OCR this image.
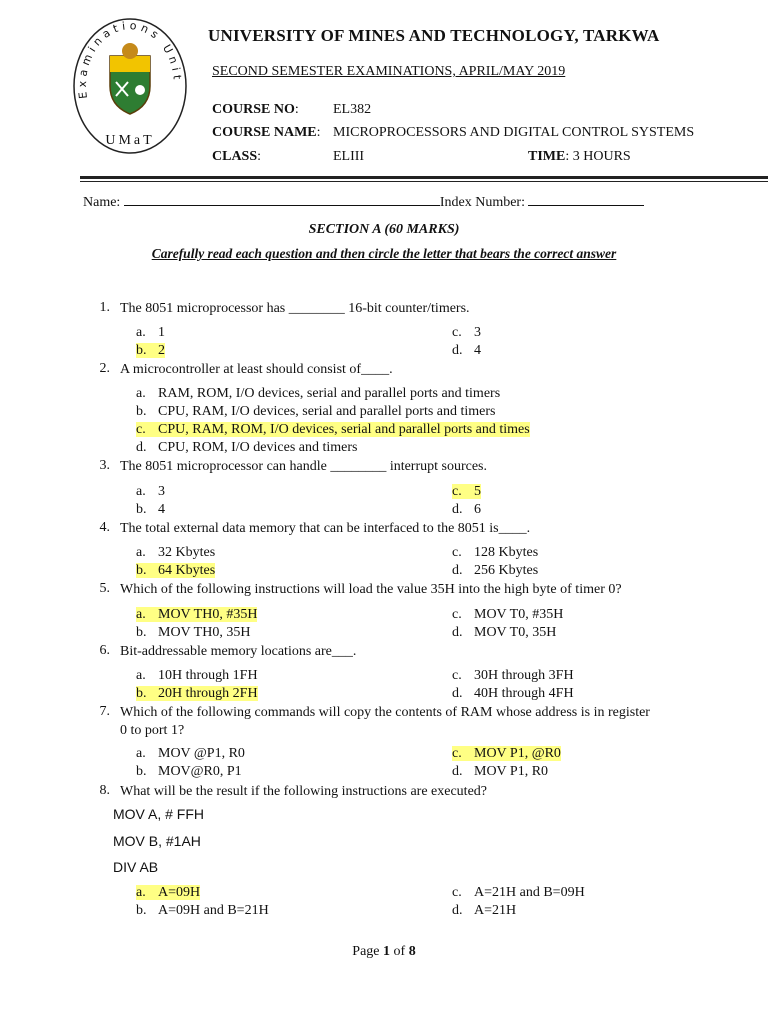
Examinations Unit
UMaT
UNIVERSITY OF MINES AND TECHNOLOGY, TARKWA
SECOND SEMESTER EXAMINATIONS, APRIL/MAY 2019
COURSE NO: EL382
COURSE NAME: MICROPROCESSORS AND DIGITAL CONTROL SYSTEMS
CLASS:	ELIII	TIME: 3 HOURS
Name:	Index Number:
SECTION A (60 MARKS)
Carefully read each question and then circle the letter that bears the correct answer
1. The 8051 microprocessor has ________ 16-bit counter/timers.
a. 1
b. 2
c. 3
d. 4
2. A microcontroller at least should consist of____.
a. RAM, ROM, I/O devices, serial and parallel ports and timers
b. CPU, RAM, I/O devices, serial and parallel ports and timers
c. CPU, RAM, ROM, I/O devices, serial and parallel ports and times
d. CPU, ROM, I/O devices and timers
3. The 8051 microprocessor can handle ________ interrupt sources.
a. 3
b. 4
c. 5
d. 6
4. The total external data memory that can be interfaced to the 8051 is____.
a. 32 Kbytes
b. 64 Kbytes
c. 128 Kbytes
d. 256 Kbytes
5. Which of the following instructions will load the value 35H into the high byte of timer 0?
a. MOV TH0, #35H
b. MOV TH0, 35H
c. MOV T0, #35H
d. MOV T0, 35H
6. Bit-addressable memory locations are___.
a. 10H through 1FH
b. 20H through 2FH
c. 30H through 3FH
d. 40H through 4FH
7. Which of the following commands will copy the contents of RAM whose address is in register 0 to port 1?
a. MOV @P1, R0
b. MOV@R0, P1
c. MOV P1, @R0
d. MOV P1, R0
8. What will be the result if the following instructions are executed?
MOV A, # FFH
MOV B, #1AH
DIV AB
a. A=09H
b. A=09H and B=21H
c. A=21H and B=09H
d. A=21H
Page 1 of 8
